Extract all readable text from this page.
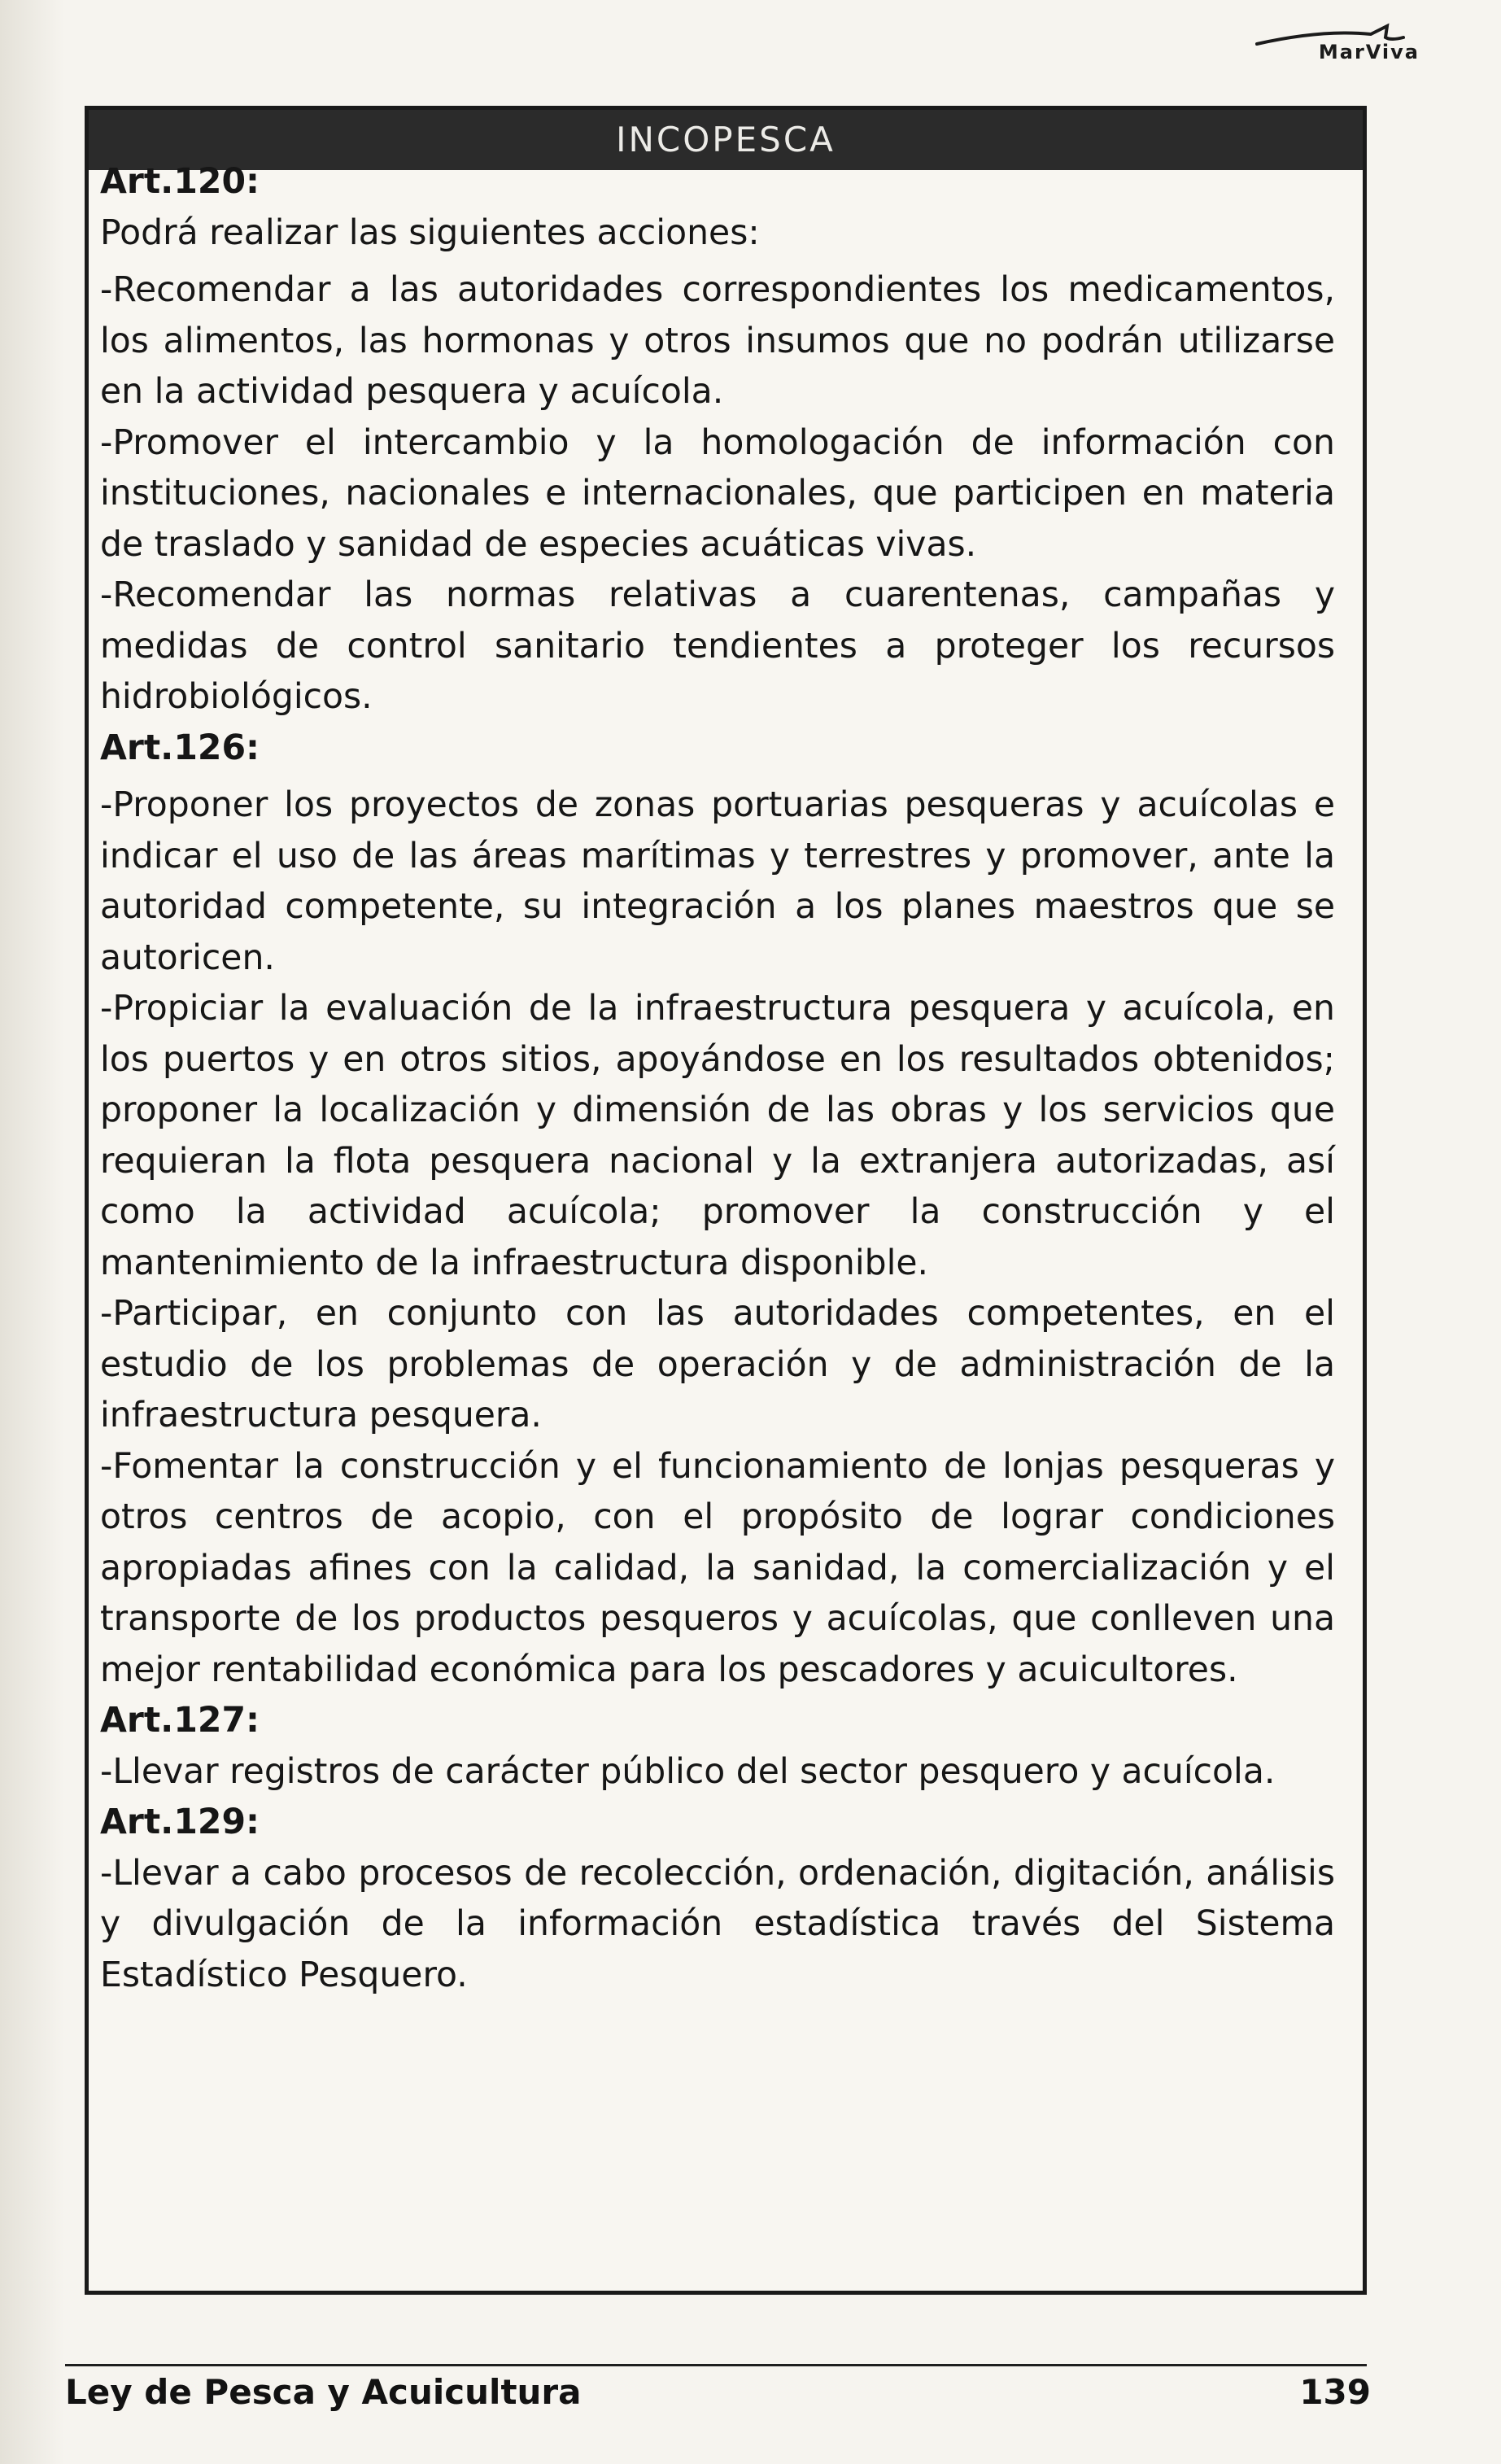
MarViva
INCOPESCA
Art.120:

Podrá realizar las siguientes acciones:

-Recomendar a las autoridades correspondientes los medicamentos, los alimentos, las hormonas y otros insumos que no podrán utilizarse en la actividad pesquera y acuícola.

-Promover el intercambio y la homologación de información con instituciones, nacionales e internacionales, que participen en materia de traslado y sanidad de especies acuáticas vivas.

-Recomendar las normas relativas a cuarentenas, campañas y medidas de control sanitario tendientes a proteger los recursos hidrobiológicos.

Art.126:

-Proponer los proyectos de zonas portuarias pesqueras y acuícolas e indicar el uso de las áreas marítimas y terrestres y promover, ante la autoridad competente, su integración a los planes maestros que se autoricen.

-Propiciar la evaluación de la infraestructura pesquera y acuícola, en los puertos y en otros sitios, apoyándose en los resultados obtenidos; proponer la localización y dimensión de las obras y los servicios que requieran la flota pesquera nacional y la extranjera autorizadas, así como la actividad acuícola; promover la construcción y el mantenimiento de la infraestructura disponible.

-Participar, en conjunto con las autoridades competentes, en el estudio de los problemas de operación y de administración de la infraestructura pesquera.

-Fomentar la construcción y el funcionamiento de lonjas pesqueras y otros centros de acopio, con el propósito de lograr condiciones apropiadas afines con la calidad, la sanidad, la comercialización y el transporte de los productos pesqueros y acuícolas, que conlleven una mejor rentabilidad económica para los pescadores y acuicultores.

Art.127:

-Llevar registros de carácter público del sector pesquero y acuícola.

Art.129:

-Llevar a cabo procesos de recolección, ordenación, digitación, análisis y divulgación de la información estadística través del Sistema Estadístico Pesquero.

Ley de Pesca y Acuicultura	139
